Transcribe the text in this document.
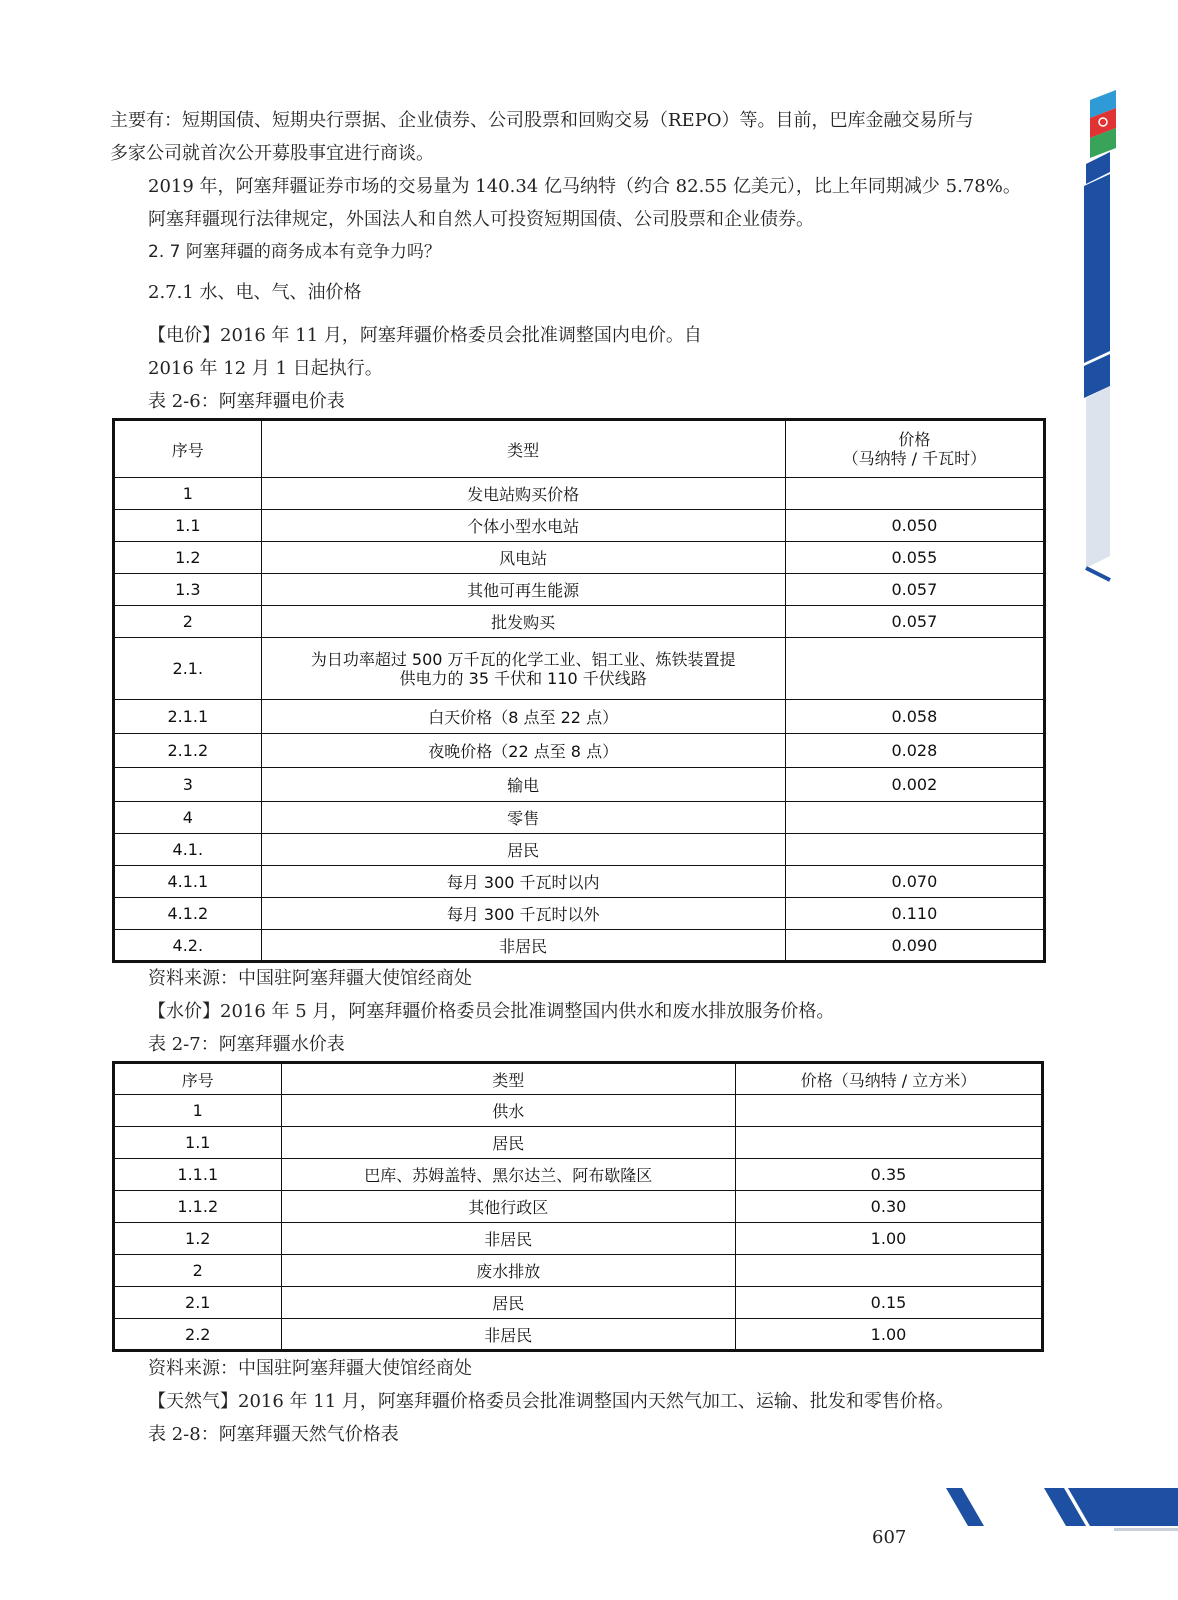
主要有：短期国债、短期央行票据、企业债券、公司股票和回购交易（REPO）等。目前，巴库金融交易所与

多家公司就首次公开募股事宜进行商谈。

2019 年，阿塞拜疆证券市场的交易量为 140.34 亿马纳特（约合 82.55 亿美元），比上年同期减少 5.78%。

阿塞拜疆现行法律规定，外国法人和自然人可投资短期国债、公司股票和企业债券。

2. 7 阿塞拜疆的商务成本有竞争力吗？

2.7.1 水、电、气、油价格

【电价】2016 年 11 月，阿塞拜疆价格委员会批准调整国内电价。自

2016 年 12 月 1 日起执行。

表 2-6：阿塞拜疆电价表

序号	类型	价格
（马纳特 / 千瓦时）

1	发电站购买价格	
1.1	个体小型水电站	0.050
1.2	风电站	0.055
1.3	其他可再生能源	0.057
2	批发购买	0.057
2.1.	为日功率超过 500 万千瓦的化学工业、铝工业、炼铁装置提
供电力的 35 千伏和 110 千伏线路	

2.1.1	白天价格（8 点至 22 点）	0.058
2.1.2	夜晚价格（22 点至 8 点）	0.028
3	输电	0.002
4	零售	
4.1.	居民	
4.1.1	每月 300 千瓦时以内	0.070
4.1.2	每月 300 千瓦时以外	0.110
4.2.	非居民	0.090

资料来源：中国驻阿塞拜疆大使馆经商处

【水价】2016 年 5 月，阿塞拜疆价格委员会批准调整国内供水和废水排放服务价格。

表 2-7：阿塞拜疆水价表

序号	类型	价格（马纳特 / 立方米）
1	供水	
1.1	居民	
1.1.1	巴库、苏姆盖特、黑尔达兰、阿布歇隆区	0.35
1.1.2	其他行政区	0.30
1.2	非居民	1.00
2	废水排放	
2.1	居民	0.15
2.2	非居民	1.00

资料来源：中国驻阿塞拜疆大使馆经商处

【天然气】2016 年 11 月，阿塞拜疆价格委员会批准调整国内天然气加工、运输、批发和零售价格。

表 2-8：阿塞拜疆天然气价格表

607
